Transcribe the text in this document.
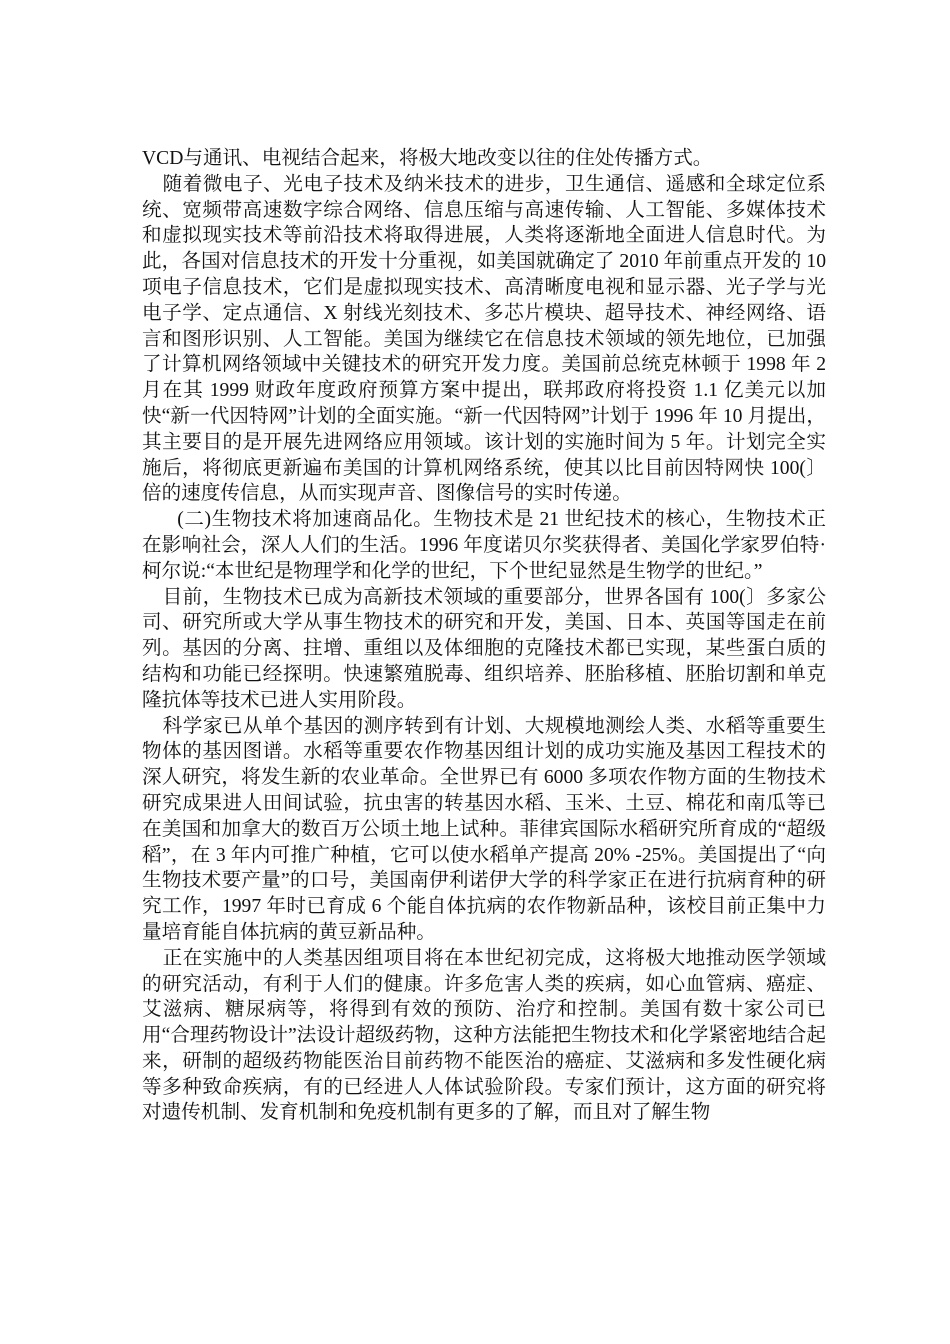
VCD与通讯、电视结合起来，将极大地改变以往的住处传播方式。

随着微电子、光电子技术及纳米技术的进步，卫生通信、遥感和全球定位系统、宽频带高速数字综合网络、信息压缩与高速传输、人工智能、多媒体技术和虚拟现实技术等前沿技术将取得进展，人类将逐渐地全面进人信息时代。为此，各国对信息技术的开发十分重视，如美国就确定了 2010 年前重点开发的 10 项电子信息技术，它们是虚拟现实技术、高清晰度电视和显示器、光子学与光电子学、定点通信、X 射线光刻技术、多芯片模块、超导技术、神经网络、语言和图形识别、人工智能。美国为继续它在信息技术领域的领先地位，已加强了计算机网络领域中关键技术的研究开发力度。美国前总统克林顿于 1998 年 2 月在其 1999 财政年度政府预算方案中提出，联邦政府将投资 1.1 亿美元以加快“新一代因特网”计划的全面实施。“新一代因特网”计划于 1996 年 10 月提出，其主要目的是开展先进网络应用领域。该计划的实施时间为 5 年。计划完全实施后，将彻底更新遍布美国的计算机网络系统，使其以比目前因特网快 100(〕倍的速度传信息，从而实现声音、图像信号的实时传递。

(二)生物技术将加速商品化。生物技术是 21 世纪技术的核心，生物技术正在影响社会，深人人们的生活。1996 年度诺贝尔奖获得者、美国化学家罗伯特·柯尔说:“本世纪是物理学和化学的世纪，下个世纪显然是生物学的世纪。”

目前，生物技术已成为高新技术领域的重要部分，世界各国有 100(〕多家公司、研究所或大学从事生物技术的研究和开发，美国、日本、英国等国走在前列。基因的分离、拄增、重组以及体细胞的克隆技术都已实现，某些蛋白质的结构和功能已经探明。快速繁殖脱毒、组织培养、胚胎移植、胚胎切割和单克隆抗体等技术已进人实用阶段。

科学家已从单个基因的测序转到有计划、大规模地测绘人类、水稻等重要生物体的基因图谱。水稻等重要农作物基因组计划的成功实施及基因工程技术的深人研究，将发生新的农业革命。全世界已有 6000 多项农作物方面的生物技术研究成果进人田间试验，抗虫害的转基因水稻、玉米、土豆、棉花和南瓜等已在美国和加拿大的数百万公顷土地上试种。菲律宾国际水稻研究所育成的“超级稻”，在 3 年内可推广种植，它可以使水稻单产提高 20% -25%。美国提出了“向生物技术要产量”的口号，美国南伊利诺伊大学的科学家正在进行抗病育种的研究工作，1997 年时已育成 6 个能自体抗病的农作物新品种，该校目前正集中力量培育能自体抗病的黄豆新品种。

正在实施中的人类基因组项目将在本世纪初完成，这将极大地推动医学领域的研究活动，有利于人们的健康。许多危害人类的疾病，如心血管病、癌症、艾滋病、糖尿病等，将得到有效的预防、治疗和控制。美国有数十家公司已用“合理药物设计”法设计超级药物，这种方法能把生物技术和化学紧密地结合起来，研制的超级药物能医治目前药物不能医治的癌症、艾滋病和多发性硬化病等多种致命疾病，有的已经进人人体试验阶段。专家们预计，这方面的研究将对遗传机制、发育机制和免疫机制有更多的了解，而且对了解生物
